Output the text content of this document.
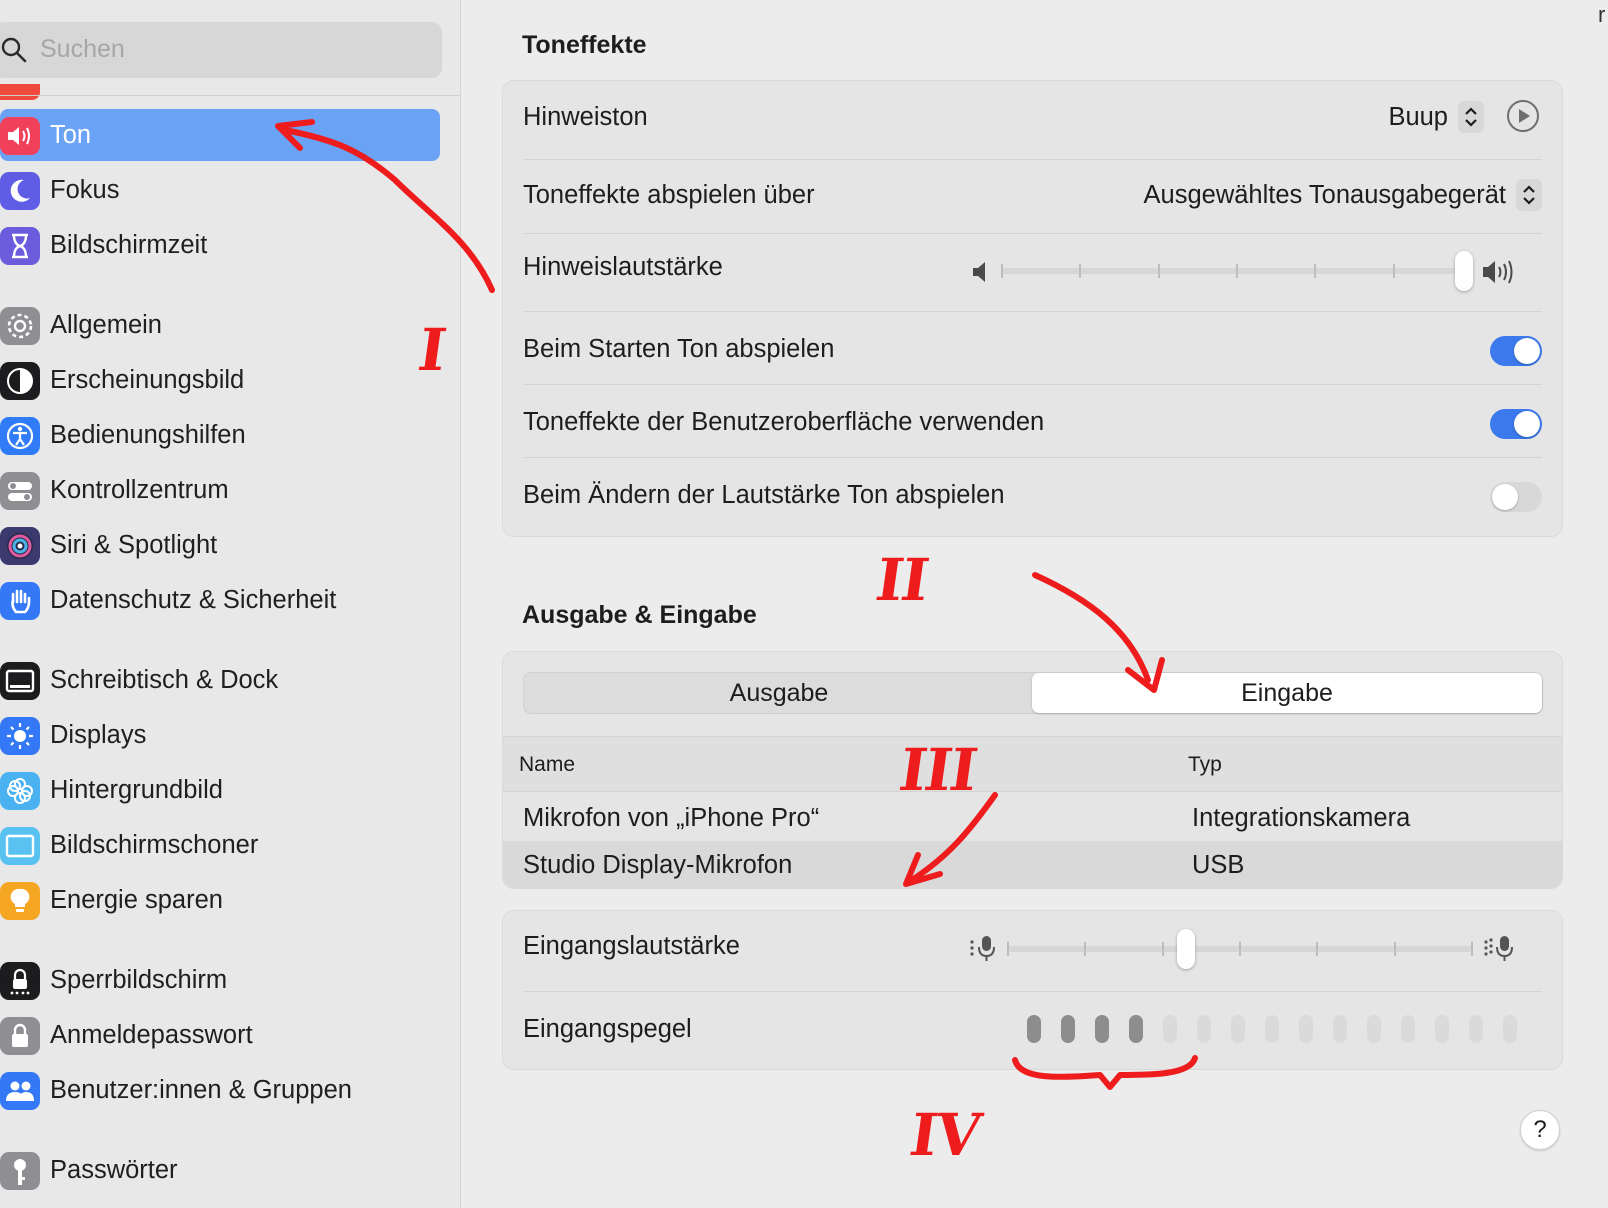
Suchen
Ton
Fokus
Bildschirmzeit
Allgemein
Erscheinungsbild
Bedienungshilfen
Kontrollzentrum
Siri & Spotlight
Datenschutz & Sicherheit
Schreibtisch & Dock
Displays
Hintergrundbild
Bildschirmschoner
Energie sparen
Sperrbildschirm
Anmeldepasswort
Benutzer:innen & Gruppen
Passwörter
Toneffekte
Hinweiston	Buup
Toneffekte abspielen über	Ausgewähltes Tonausgabegerät
Hinweislautstärke
Beim Starten Ton abspielen
Toneffekte der Benutzeroberfläche verwenden
Beim Ändern der Lautstärke Ton abspielen
Ausgabe & Eingabe
Ausgabe	Eingabe
Name	Typ
Mikrofon von „iPhone Pro“	Integrationskamera
Studio Display-Mikrofon	USB
Eingangslautstärke
Eingangspegel
?
r
I
II
III
IV
